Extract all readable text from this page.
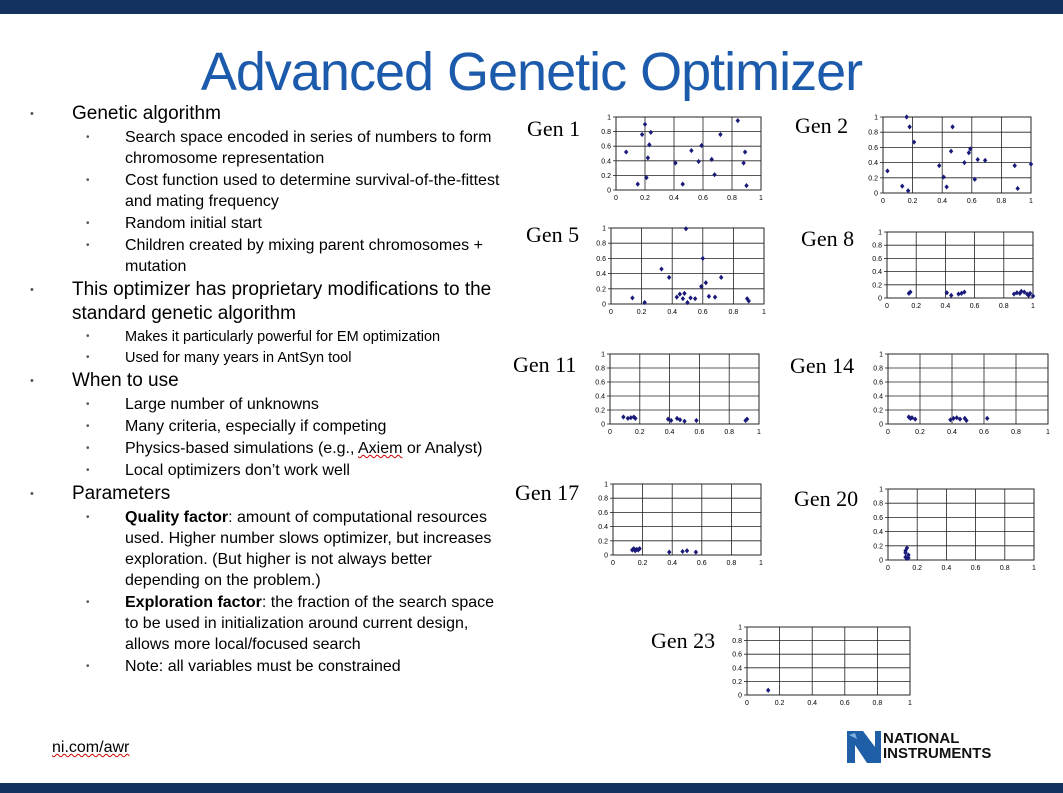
Advanced Genetic Optimizer
• Genetic algorithm
• Search space encoded in series of numbers to form chromosome representation
• Cost function used to determine survival-of-the-fittest and mating frequency
• Random initial start
• Children created by mixing parent chromosomes + mutation
• This optimizer has proprietary modifications to the standard genetic algorithm
• Makes it particularly powerful for EM optimization
• Used for many years in AntSyn tool
• When to use
• Large number of unknowns
• Many criteria, especially if competing
• Physics-based simulations (e.g., Axiem or Analyst)
• Local optimizers don’t work well
• Parameters
• Quality factor: amount of computational resources used. Higher number slows optimizer, but increases exploration. (But higher is not always better depending on the problem.)
• Exploration factor: the fraction of the search space to be used in initialization around current design, allows more local/focused search
• Note: all variables must be constrained
ni.com/awr
Gen 1	Gen 2
Gen 5	Gen 8
Gen 11	Gen 14
Gen 17	Gen 20
Gen 23
0	0.2	0.4	0.6	0.8	1
0
0.2
0.4
0.6
0.8
1
0	0.2	0.4	0.6	0.8	1
0
0.2
0.4
0.6
0.8
1
0	0.2	0.4	0.6	0.8	1
0
0.2
0.4
0.6
0.8
1
0	0.2	0.4	0.6	0.8	1
0
0.2
0.4
0.6
0.8
1
0	0.2	0.4	0.6	0.8	1
0
0.2
0.4
0.6
0.8
1
0	0.2	0.4	0.6	0.8	1
0
0.2
0.4
0.6
0.8
1
0	0.2	0.4	0.6	0.8	1
0
0.2
0.4
0.6
0.8
1
0	0.2	0.4	0.6	0.8	1
0
0.2
0.4
0.6
0.8
1
0	0.2	0.4	0.6	0.8	1
0
0.2
0.4
0.6
0.8
1
NATIONAL
INSTRUMENTS
